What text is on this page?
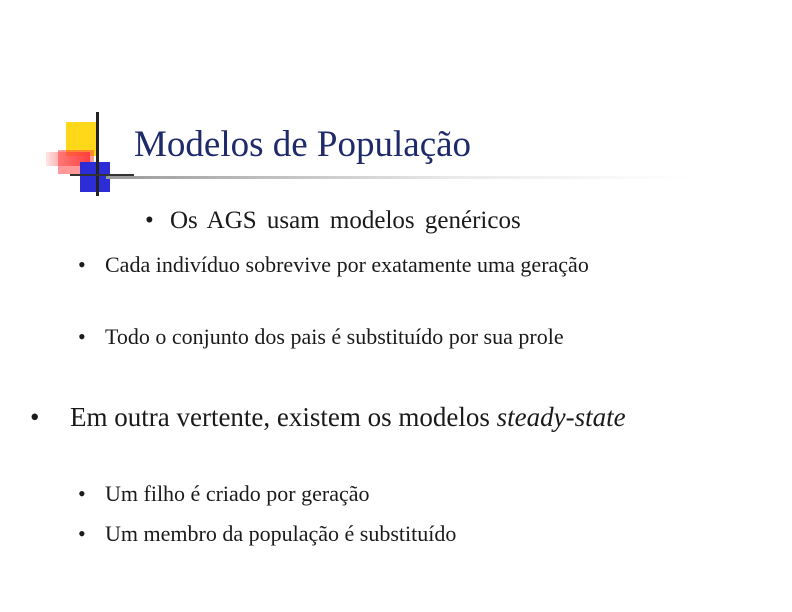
Modelos de População
• Os AGS usam modelos genéricos
• Cada indivíduo sobrevive por exatamente uma geração
• Todo o conjunto dos pais é substituído por sua prole
•	Em outra vertente, existem os modelos steady-state
• Um filho é criado por geração
• Um membro da população é substituído
